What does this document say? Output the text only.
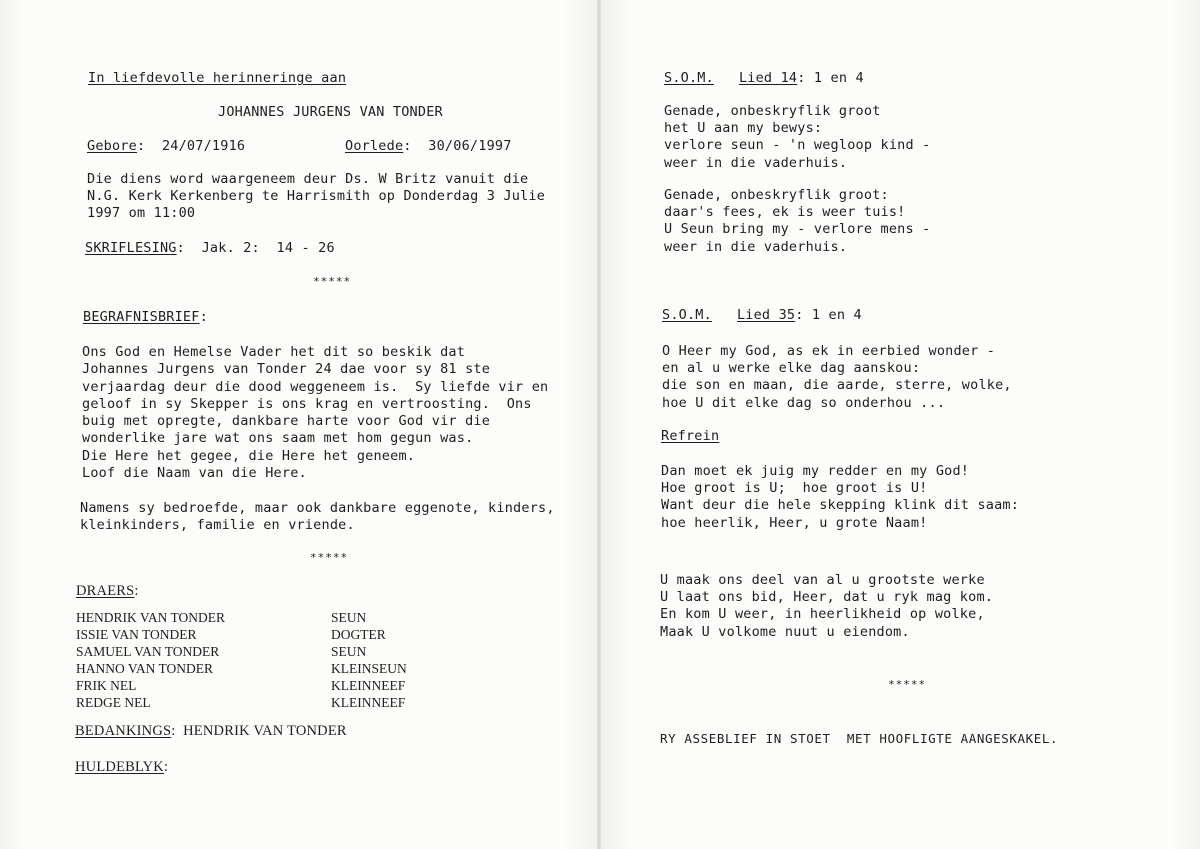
In liefdevolle herinneringe aan
JOHANNES JURGENS VAN TONDER
Gebore:  24/07/1916	Oorlede:  30/06/1997
Die diens word waargeneem deur Ds. W Britz vanuit die
N.G. Kerk Kerkenberg te Harrismith op Donderdag 3 Julie
1997 om 11:00
SKRIFLESING:  Jak. 2:  14 - 26
*****
BEGRAFNISBRIEF:
Ons God en Hemelse Vader het dit so beskik dat
Johannes Jurgens van Tonder 24 dae voor sy 81 ste
verjaardag deur die dood weggeneem is.  Sy liefde vir en
geloof in sy Skepper is ons krag en vertroosting.  Ons
buig met opregte, dankbare harte voor God vir die
wonderlike jare wat ons saam met hom gegun was.
Die Here het gegee, die Here het geneem.
Loof die Naam van die Here.
Namens sy bedroefde, maar ook dankbare eggenote, kinders,
kleinkinders, familie en vriende.
*****
DRAERS:
HENDRIK VAN TONDER	SEUN
ISSIE VAN TONDER	DOGTER
SAMUEL VAN TONDER	SEUN
HANNO VAN TONDER	KLEINSEUN
FRIK NEL	KLEINNEEF
REDGE NEL	KLEINNEEF
BEDANKINGS:  HENDRIK VAN TONDER
HULDEBLYK:
S.O.M. Lied 14: 1 en 4
Genade, onbeskryflik groot
het U aan my bewys:
verlore seun - 'n wegloop kind -
weer in die vaderhuis.
Genade, onbeskryflik groot:
daar's fees, ek is weer tuis!
U Seun bring my - verlore mens -
weer in die vaderhuis.
S.O.M. Lied 35: 1 en 4
O Heer my God, as ek in eerbied wonder -
en al u werke elke dag aanskou:
die son en maan, die aarde, sterre, wolke,
hoe U dit elke dag so onderhou ...
Refrein
Dan moet ek juig my redder en my God!
Hoe groot is U;  hoe groot is U!
Want deur die hele skepping klink dit saam:
hoe heerlik, Heer, u grote Naam!
U maak ons deel van al u grootste werke
U laat ons bid, Heer, dat u ryk mag kom.
En kom U weer, in heerlikheid op wolke,
Maak U volkome nuut u eiendom.
*****
RY ASSEBLIEF IN STOET  MET HOOFLIGTE AANGESKAKEL.
